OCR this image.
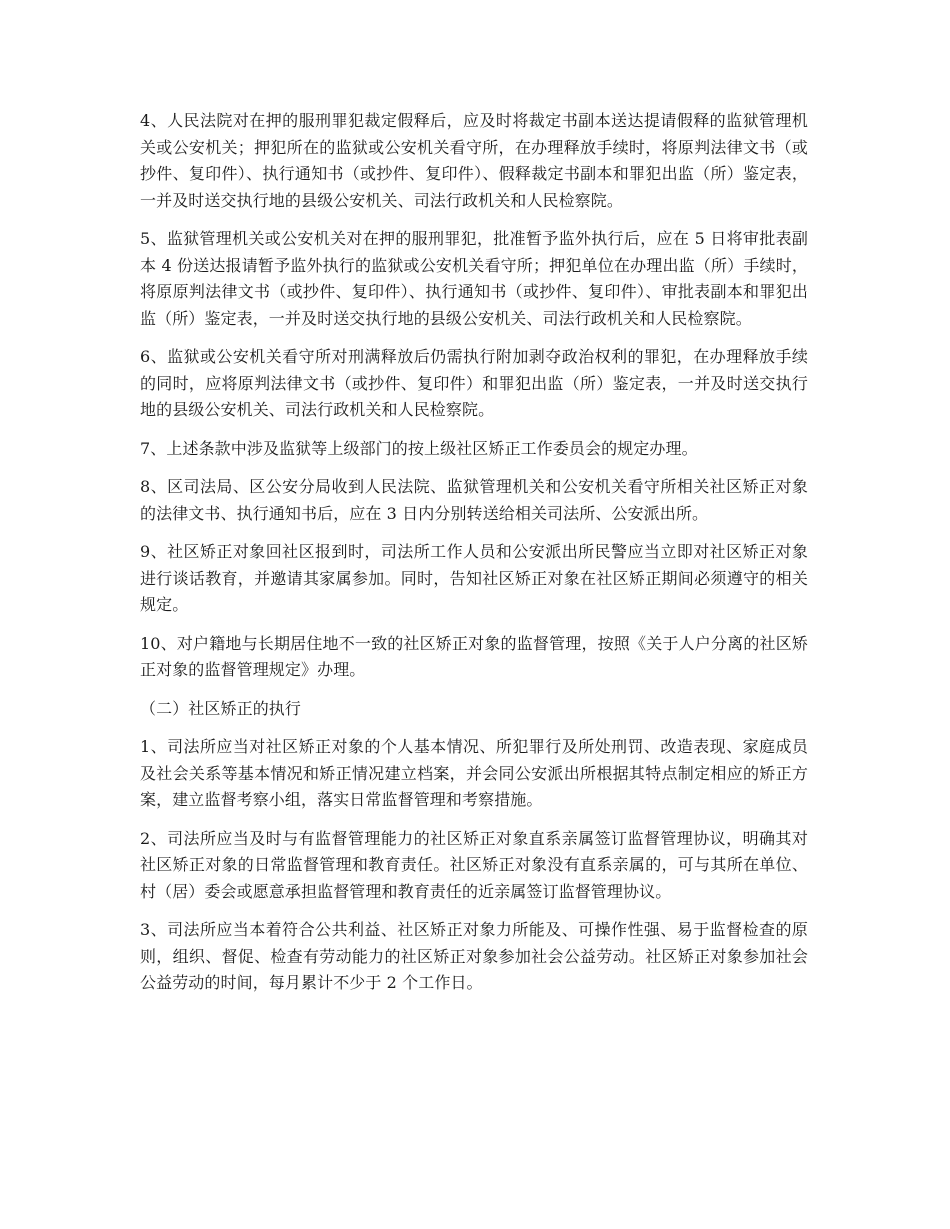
4、人民法院对在押的服刑罪犯裁定假释后，应及时将裁定书副本送达提请假释的监狱管理机关或公安机关；押犯所在的监狱或公安机关看守所，在办理释放手续时，将原判法律文书（或抄件、复印件）、执行通知书（或抄件、复印件）、假释裁定书副本和罪犯出监（所）鉴定表，一并及时送交执行地的县级公安机关、司法行政机关和人民检察院。

5、监狱管理机关或公安机关对在押的服刑罪犯，批准暂予监外执行后，应在 5 日将审批表副本 4 份送达报请暂予监外执行的监狱或公安机关看守所；押犯单位在办理出监（所）手续时，将原原判法律文书（或抄件、复印件）、执行通知书（或抄件、复印件）、审批表副本和罪犯出监（所）鉴定表，一并及时送交执行地的县级公安机关、司法行政机关和人民检察院。

6、监狱或公安机关看守所对刑满释放后仍需执行附加剥夺政治权利的罪犯，在办理释放手续的同时，应将原判法律文书（或抄件、复印件）和罪犯出监（所）鉴定表，一并及时送交执行地的县级公安机关、司法行政机关和人民检察院。

7、上述条款中涉及监狱等上级部门的按上级社区矫正工作委员会的规定办理。

8、区司法局、区公安分局收到人民法院、监狱管理机关和公安机关看守所相关社区矫正对象的法律文书、执行通知书后，应在 3 日内分别转送给相关司法所、公安派出所。

9、社区矫正对象回社区报到时，司法所工作人员和公安派出所民警应当立即对社区矫正对象进行谈话教育，并邀请其家属参加。同时，告知社区矫正对象在社区矫正期间必须遵守的相关规定。

10、对户籍地与长期居住地不一致的社区矫正对象的监督管理，按照《关于人户分离的社区矫正对象的监督管理规定》办理。

（二）社区矫正的执行

1、司法所应当对社区矫正对象的个人基本情况、所犯罪行及所处刑罚、改造表现、家庭成员及社会关系等基本情况和矫正情况建立档案，并会同公安派出所根据其特点制定相应的矫正方案，建立监督考察小组，落实日常监督管理和考察措施。

2、司法所应当及时与有监督管理能力的社区矫正对象直系亲属签订监督管理协议，明确其对社区矫正对象的日常监督管理和教育责任。社区矫正对象没有直系亲属的，可与其所在单位、村（居）委会或愿意承担监督管理和教育责任的近亲属签订监督管理协议。

3、司法所应当本着符合公共利益、社区矫正对象力所能及、可操作性强、易于监督检查的原则，组织、督促、检查有劳动能力的社区矫正对象参加社会公益劳动。社区矫正对象参加社会公益劳动的时间，每月累计不少于 2 个工作日。
